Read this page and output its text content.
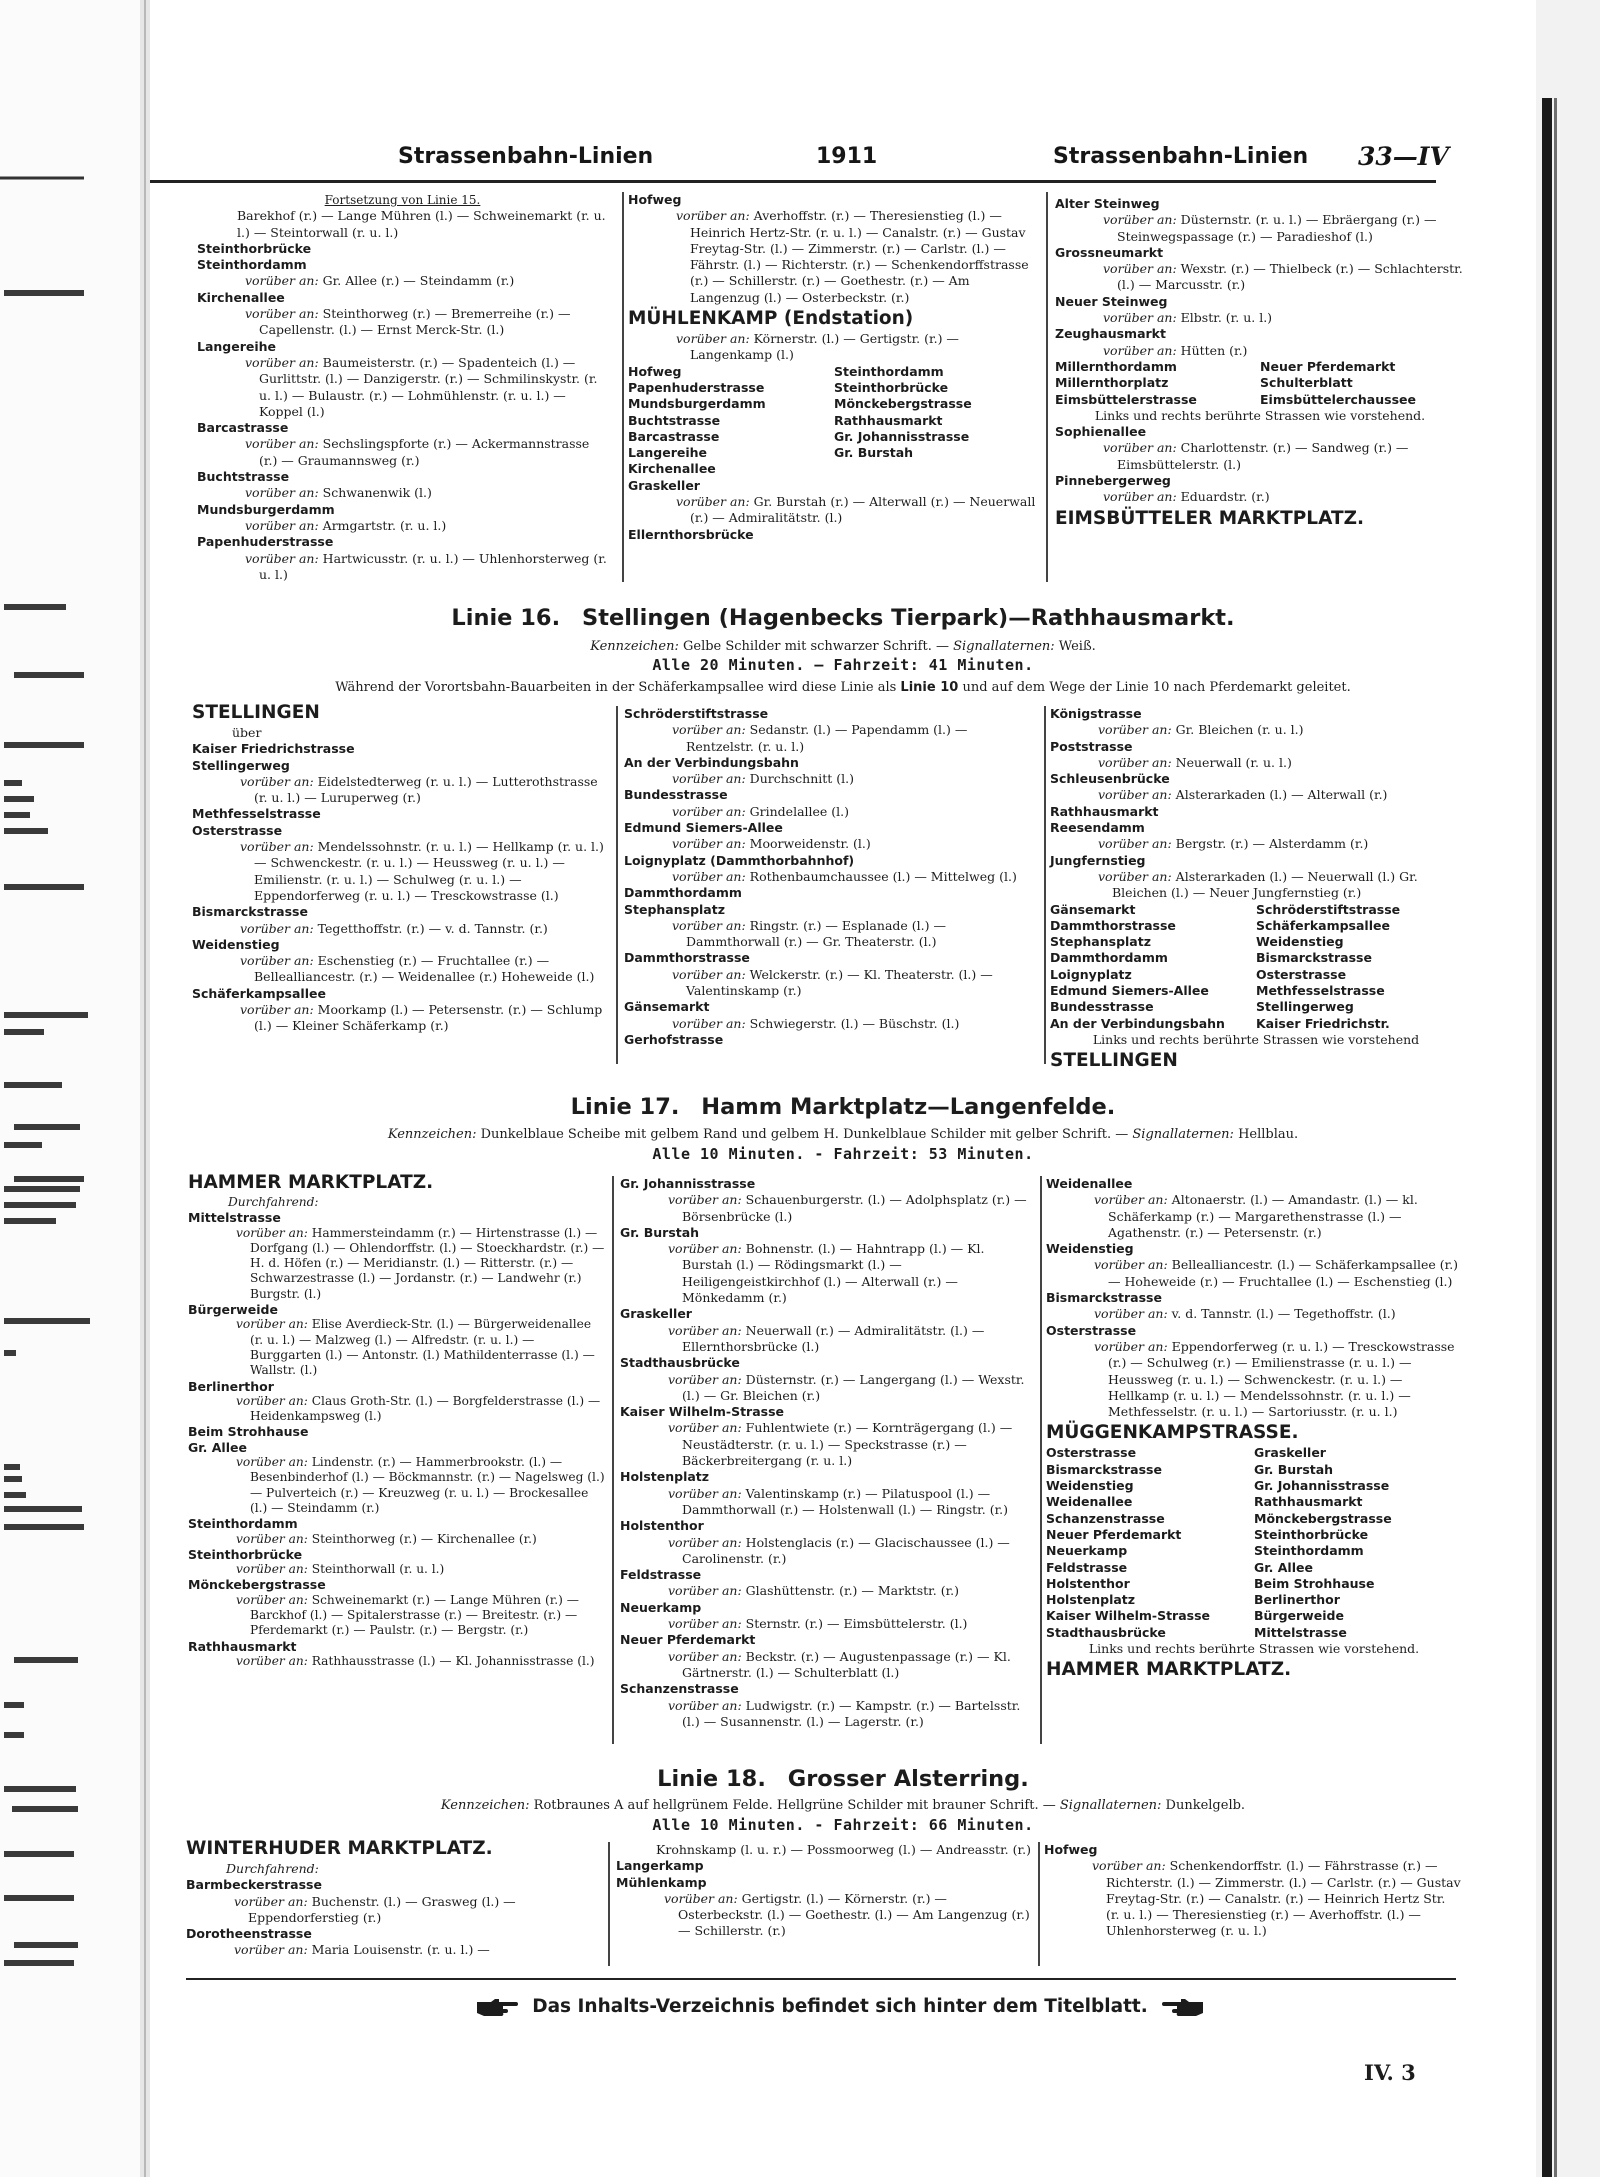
Strassenbahn-Linien	1911	Strassenbahn-Linien 33—IV

Fortsetzung von Linie 15.

Barekhof (r.) — Lange Mühren (l.) — Schweinemarkt (r. u. l.) — Steintorwall (r. u. l.)

Steinthorbrücke

Steinthordamm

vorüber an: Gr. Allee (r.) — Steindamm (r.)

Kirchenallee

vorüber an: Steinthorweg (r.) — Bremerreihe (r.) — Capellenstr. (l.) — Ernst Merck-Str. (l.)

Langereihe

vorüber an: Baumeisterstr. (r.) — Spadenteich (l.) — Gurlittstr. (l.) — Danzigerstr. (r.) — Schmilinskystr. (r. u. l.) — Bulaustr. (r.) — Lohmühlenstr. (r. u. l.) — Koppel (l.)

Barcastrasse

vorüber an: Sechslingspforte (r.) — Ackermannstrasse (r.) — Graumannsweg (r.)

Buchtstrasse

vorüber an: Schwanenwik (l.)

Mundsburgerdamm

vorüber an: Armgartstr. (r. u. l.)

Papenhuderstrasse

vorüber an: Hartwicusstr. (r. u. l.) — Uhlenhorsterweg (r. u. l.)

Hofweg

vorüber an: Averhoffstr. (r.) — Theresienstieg (l.) — Heinrich Hertz-Str. (r. u. l.) — Canalstr. (r.) — Gustav Freytag-Str. (l.) — Zimmerstr. (r.) — Carlstr. (l.) — Fährstr. (l.) — Richterstr. (r.) — Schenkendorffstrasse (r.) — Schillerstr. (r.) — Goethestr. (r.) — Am Langenzug (l.) — Osterbeckstr. (r.)

MÜHLENKAMP (Endstation)

vorüber an: Körnerstr. (l.) — Gertigstr. (r.) — Langenkamp (l.)

Hofweg	Steinthordamm
Papenhuderstrasse	Steinthorbrücke
Mundsburgerdamm	Mönckebergstrasse
Buchtstrasse	Rathhausmarkt
Barcastrasse	Gr. Johannisstrasse
Langereihe	Gr. Burstah
Kirchenallee

Graskeller

vorüber an: Gr. Burstah (r.) — Alterwall (r.) — Neuerwall (r.) — Admiralitätstr. (l.)

Ellernthorsbrücke

Alter Steinweg

vorüber an: Düsternstr. (r. u. l.) — Ebräergang (r.) — Steinwegspassage (r.) — Paradieshof (l.)

Grossneumarkt

vorüber an: Wexstr. (r.) — Thielbeck (r.) — Schlachterstr. (l.) — Marcusstr. (r.)

Neuer Steinweg

vorüber an: Elbstr. (r. u. l.)

Zeughausmarkt

vorüber an: Hütten (r.)

Millernthordamm	Neuer Pferdemarkt
Millernthorplatz	Schulterblatt
Eimsbüttelerstrasse	Eimsbüttelerchaussee

Links und rechts berührte Strassen wie vorstehend.

Sophienallee

vorüber an: Charlottenstr. (r.) — Sandweg (r.) — Eimsbüttelerstr. (l.)

Pinnebergerweg

vorüber an: Eduardstr. (r.)

EIMSBÜTTELER MARKTPLATZ.

Linie 16. Stellingen (Hagenbecks Tierpark)—Rathhausmarkt.
Kennzeichen: Gelbe Schilder mit schwarzer Schrift. — Signallaternen: Weiß.
Alle 20 Minuten. — Fahrzeit: 41 Minuten.
Während der Vorortsbahn-Bauarbeiten in der Schäferkampsallee wird diese Linie als Linie 10 und auf dem Wege der Linie 10 nach Pferdemarkt geleitet.

STELLINGEN

über

Kaiser Friedrichstrasse

Stellingerweg

vorüber an: Eidelstedterweg (r. u. l.) — Lutterothstrasse (r. u. l.) — Luruperweg (r.)

Methfesselstrasse

Osterstrasse

vorüber an: Mendelssohnstr. (r. u. l.) — Hellkamp (r. u. l.) — Schwenckestr. (r. u. l.) — Heussweg (r. u. l.) — Emilienstr. (r. u. l.) — Schulweg (r. u. l.) — Eppendorferweg (r. u. l.) — Tresckowstrasse (l.)

Bismarckstrasse

vorüber an: Tegetthoffstr. (r.) — v. d. Tannstr. (r.)

Weidenstieg

vorüber an: Eschenstieg (r.) — Fruchtallee (r.) — Bellealliancestr. (r.) — Weidenallee (r.) Hoheweide (l.)

Schäferkampsallee

vorüber an: Moorkamp (l.) — Petersenstr. (r.) — Schlump (l.) — Kleiner Schäferkamp (r.)

Schröderstiftstrasse

vorüber an: Sedanstr. (l.) — Papendamm (l.) — Rentzelstr. (r. u. l.)

An der Verbindungsbahn

vorüber an: Durchschnitt (l.)

Bundesstrasse

vorüber an: Grindelallee (l.)

Edmund Siemers-Allee

vorüber an: Moorweidenstr. (l.)

Loignyplatz (Dammthorbahnhof)

vorüber an: Rothenbaumchaussee (l.) — Mittelweg (l.)

Dammthordamm

Stephansplatz

vorüber an: Ringstr. (r.) — Esplanade (l.) — Dammthorwall (r.) — Gr. Theaterstr. (l.)

Dammthorstrasse

vorüber an: Welckerstr. (r.) — Kl. Theaterstr. (l.) — Valentinskamp (r.)

Gänsemarkt

vorüber an: Schwiegerstr. (l.) — Büschstr. (l.)

Gerhofstrasse

Königstrasse

vorüber an: Gr. Bleichen (r. u. l.)

Poststrasse

vorüber an: Neuerwall (r. u. l.)

Schleusenbrücke

vorüber an: Alsterarkaden (l.) — Alterwall (r.)

Rathhausmarkt

Reesendamm

vorüber an: Bergstr. (r.) — Alsterdamm (r.)

Jungfernstieg

vorüber an: Alsterarkaden (l.) — Neuerwall (l.) Gr. Bleichen (l.) — Neuer Jungfernstieg (r.)

Gänsemarkt	Schröderstiftstrasse
Dammthorstrasse	Schäferkampsallee
Stephansplatz	Weidenstieg
Dammthordamm	Bismarckstrasse
Loignyplatz	Osterstrasse
Edmund Siemers-Allee	Methfesselstrasse
Bundesstrasse	Stellingerweg
An der Verbindungsbahn	Kaiser Friedrichstr.

Links und rechts berührte Strassen wie vorstehend

STELLINGEN

Linie 17. Hamm Marktplatz—Langenfelde.
Kennzeichen: Dunkelblaue Scheibe mit gelbem Rand und gelbem H. Dunkelblaue Schilder mit gelber Schrift. — Signallaternen: Hellblau.
Alle 10 Minuten. - Fahrzeit: 53 Minuten.

HAMMER MARKTPLATZ.

Durchfahrend:

Mittelstrasse

vorüber an: Hammersteindamm (r.) — Hirtenstrasse (l.) — Dorfgang (l.) — Ohlendorffstr. (l.) — Stoeckhardstr. (r.) — H. d. Höfen (r.) — Meridianstr. (l.) — Ritterstr. (r.) — Schwarzestrasse (l.) — Jordanstr. (r.) — Landwehr (r.) Burgstr. (l.)

Bürgerweide

vorüber an: Elise Averdieck-Str. (l.) — Bürgerweidenallee (r. u. l.) — Malzweg (l.) — Alfredstr. (r. u. l.) — Burggarten (l.) — Antonstr. (l.) Mathildenterrasse (l.) — Wallstr. (l.)

Berlinerthor

vorüber an: Claus Groth-Str. (l.) — Borgfelderstrasse (l.) — Heidenkampsweg (l.)

Beim Strohhause

Gr. Allee

vorüber an: Lindenstr. (r.) — Hammerbrookstr. (l.) — Besenbinderhof (l.) — Böckmannstr. (r.) — Nagelsweg (l.) — Pulverteich (r.) — Kreuzweg (r. u. l.) — Brockesallee (l.) — Steindamm (r.)

Steinthordamm

vorüber an: Steinthorweg (r.) — Kirchenallee (r.)

Steinthorbrücke

vorüber an: Steinthorwall (r. u. l.)

Mönckebergstrasse

vorüber an: Schweinemarkt (r.) — Lange Mühren (r.) — Barckhof (l.) — Spitalerstrasse (r.) — Breitestr. (r.) — Pferdemarkt (r.) — Paulstr. (r.) — Bergstr. (r.)

Rathhausmarkt

vorüber an: Rathhausstrasse (l.) — Kl. Johannisstrasse (l.)

Gr. Johannisstrasse

vorüber an: Schauenburgerstr. (l.) — Adolphsplatz (r.) — Börsenbrücke (l.)

Gr. Burstah

vorüber an: Bohnenstr. (l.) — Hahntrapp (l.) — Kl. Burstah (l.) — Rödingsmarkt (l.) — Heiligengeistkirchhof (l.) — Alterwall (r.) — Mönkedamm (r.)

Graskeller

vorüber an: Neuerwall (r.) — Admiralitätstr. (l.) — Ellernthorsbrücke (l.)

Stadthausbrücke

vorüber an: Düsternstr. (r.) — Langergang (l.) — Wexstr. (l.) — Gr. Bleichen (r.)

Kaiser Wilhelm-Strasse

vorüber an: Fuhlentwiete (r.) — Kornträgergang (l.) — Neustädterstr. (r. u. l.) — Speckstrasse (r.) — Bäckerbreitergang (r. u. l.)

Holstenplatz

vorüber an: Valentinskamp (r.) — Pilatuspool (l.) — Dammthorwall (r.) — Holstenwall (l.) — Ringstr. (r.)

Holstenthor

vorüber an: Holstenglacis (r.) — Glacischaussee (l.) — Carolinenstr. (r.)

Feldstrasse

vorüber an: Glashüttenstr. (r.) — Marktstr. (r.)

Neuerkamp

vorüber an: Sternstr. (r.) — Eimsbüttelerstr. (l.)

Neuer Pferdemarkt

vorüber an: Beckstr. (r.) — Augustenpassage (r.) — Kl. Gärtnerstr. (l.) — Schulterblatt (l.)

Schanzenstrasse

vorüber an: Ludwigstr. (r.) — Kampstr. (r.) — Bartelsstr. (l.) — Susannenstr. (l.) — Lagerstr. (r.)

Weidenallee

vorüber an: Altonaerstr. (l.) — Amandastr. (l.) — kl. Schäferkamp (r.) — Margarethenstrasse (l.) — Agathenstr. (r.) — Petersenstr. (r.)

Weidenstieg

vorüber an: Bellealliancestr. (l.) — Schäferkampsallee (r.) — Hoheweide (r.) — Fruchtallee (l.) — Eschenstieg (l.)

Bismarckstrasse

vorüber an: v. d. Tannstr. (l.) — Tegethoffstr. (l.)

Osterstrasse

vorüber an: Eppendorferweg (r. u. l.) — Tresckowstrasse (r.) — Schulweg (r.) — Emilienstrasse (r. u. l.) — Heussweg (r. u. l.) — Schwenckestr. (r. u. l.) — Hellkamp (r. u. l.) — Mendelssohnstr. (r. u. l.) — Methfesselstr. (r. u. l.) — Sartoriusstr. (r. u. l.)

MÜGGENKAMPSTRASSE.

Osterstrasse	Graskeller
Bismarckstrasse	Gr. Burstah
Weidenstieg	Gr. Johannisstrasse
Weidenallee	Rathhausmarkt
Schanzenstrasse	Mönckebergstrasse
Neuer Pferdemarkt	Steinthorbrücke
Neuerkamp	Steinthordamm
Feldstrasse	Gr. Allee
Holstenthor	Beim Strohhause
Holstenplatz	Berlinerthor
Kaiser Wilhelm-Strasse	Bürgerweide
Stadthausbrücke	Mittelstrasse

Links und rechts berührte Strassen wie vorstehend.

HAMMER MARKTPLATZ.

Linie 18. Grosser Alsterring.
Kennzeichen: Rotbraunes A auf hellgrünem Felde. Hellgrüne Schilder mit brauner Schrift. — Signallaternen: Dunkelgelb.
Alle 10 Minuten. - Fahrzeit: 66 Minuten.

WINTERHUDER MARKTPLATZ.

Durchfahrend:

Barmbeckerstrasse

vorüber an: Buchenstr. (l.) — Grasweg (l.) — Eppendorferstieg (r.)

Dorotheenstrasse

vorüber an: Maria Louisenstr. (r. u. l.) —

Krohnskamp (l. u. r.) — Possmoorweg (l.) — Andreasstr. (r.)

Langerkamp

Mühlenkamp

vorüber an: Gertigstr. (l.) — Körnerstr. (r.) — Osterbeckstr. (l.) — Goethestr. (l.) — Am Langenzug (r.) — Schillerstr. (r.)

Hofweg

vorüber an: Schenkendorffstr. (l.) — Fährstrasse (r.) — Richterstr. (l.) — Zimmerstr. (l.) — Carlstr. (r.) — Gustav Freytag-Str. (r.) — Canalstr. (r.) — Heinrich Hertz Str. (r. u. l.) — Theresienstieg (r.) — Averhoffstr. (l.) — Uhlenhorsterweg (r. u. l.)

Das Inhalts-Verzeichnis befindet sich hinter dem Titelblatt.
IV. 3
